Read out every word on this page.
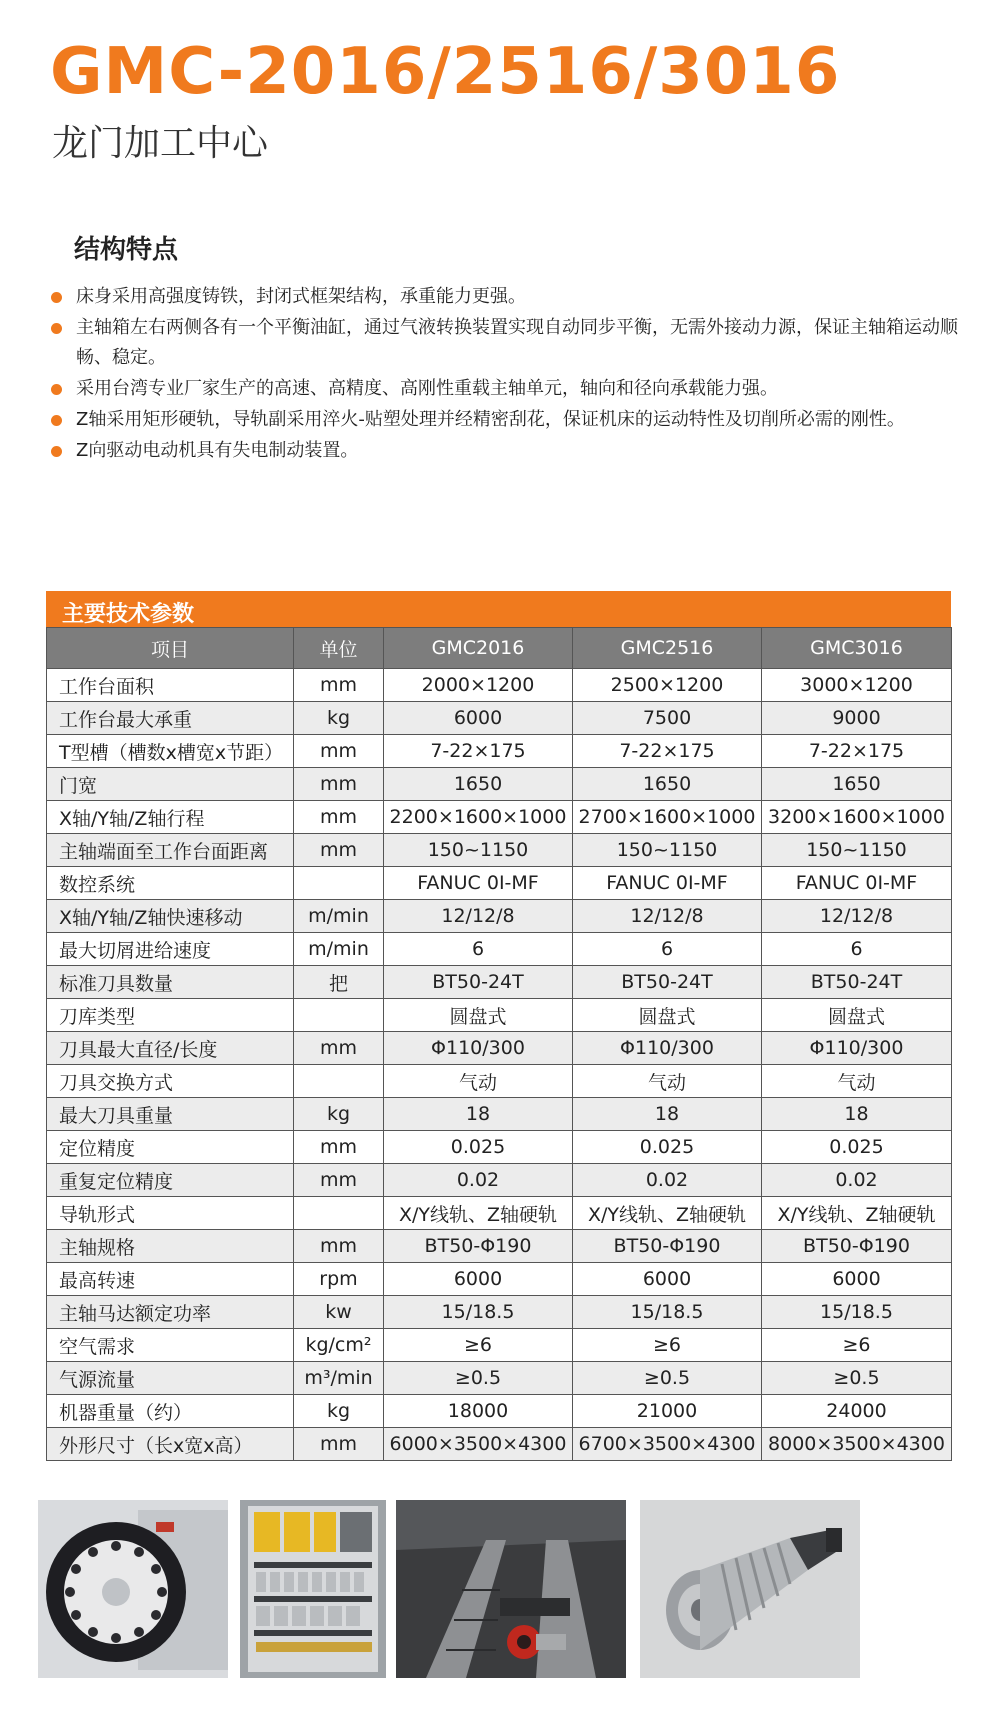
GMC-2016/2516/3016
龙门加工中心
结构特点
床身采用高强度铸铁，封闭式框架结构，承重能力更强。
主轴箱左右两侧各有一个平衡油缸，通过气液转换装置实现自动同步平衡，无需外接动力源，保证主轴箱运动顺畅、稳定。
采用台湾专业厂家生产的高速、高精度、高刚性重载主轴单元，轴向和径向承载能力强。
Z轴采用矩形硬轨，导轨副采用淬火-贴塑处理并经精密刮花，保证机床的运动特性及切削所必需的刚性。
Z向驱动电动机具有失电制动装置。
主要技术参数
项目	单位	GMC2016	GMC2516	GMC3016
工作台面积	mm	2000×1200	2500×1200	3000×1200
工作台最大承重	kg	6000	7500	9000
T型槽（槽数x槽宽x节距）	mm	7-22×175	7-22×175	7-22×175
门宽	mm	1650	1650	1650
X轴/Y轴/Z轴行程	mm	2200×1600×1000	2700×1600×1000	3200×1600×1000
主轴端面至工作台面距离	mm	150~1150	150~1150	150~1150
数控系统		FANUC 0I-MF	FANUC 0I-MF	FANUC 0I-MF
X轴/Y轴/Z轴快速移动	m/min	12/12/8	12/12/8	12/12/8
最大切屑进给速度	m/min	6	6	6
标准刀具数量	把	BT50-24T	BT50-24T	BT50-24T
刀库类型		圆盘式	圆盘式	圆盘式
刀具最大直径/长度	mm	Φ110/300	Φ110/300	Φ110/300
刀具交换方式		气动	气动	气动
最大刀具重量	kg	18	18	18
定位精度	mm	0.025	0.025	0.025
重复定位精度	mm	0.02	0.02	0.02
导轨形式		X/Y线轨、Z轴硬轨	X/Y线轨、Z轴硬轨	X/Y线轨、Z轴硬轨
主轴规格	mm	BT50-Φ190	BT50-Φ190	BT50-Φ190
最高转速	rpm	6000	6000	6000
主轴马达额定功率	kw	15/18.5	15/18.5	15/18.5
空气需求	kg/cm²	≥6	≥6	≥6
气源流量	m³/min	≥0.5	≥0.5	≥0.5
机器重量（约）	kg	18000	21000	24000
外形尺寸（长x宽x高）	mm	6000×3500×4300	6700×3500×4300	8000×3500×4300
